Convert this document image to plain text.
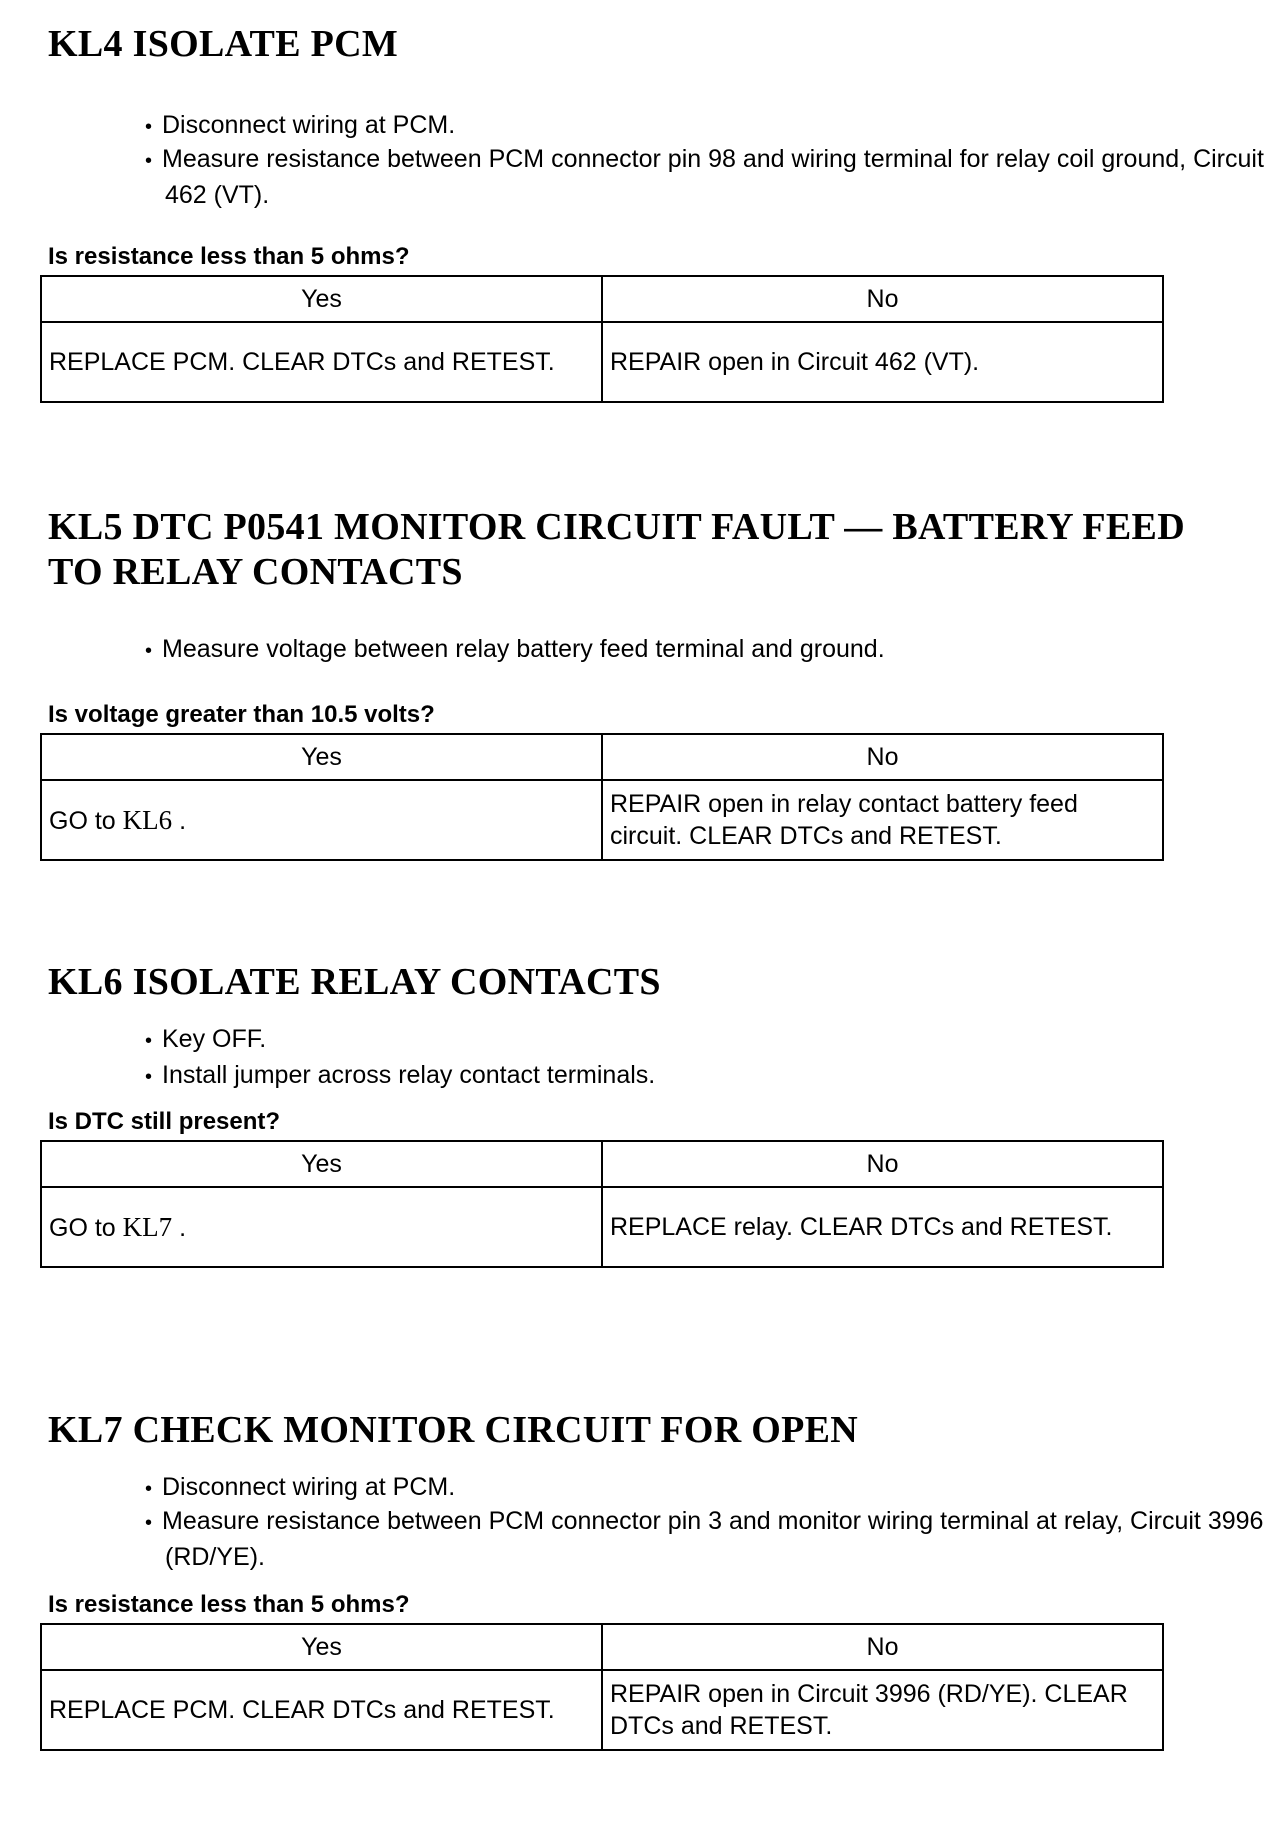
KL4 ISOLATE PCM
• Disconnect wiring at PCM.
• Measure resistance between PCM connector pin 98 and wiring terminal for relay coil ground, Circuit 462 (VT).
Is resistance less than 5 ohms?
Yes	No
REPLACE PCM. CLEAR DTCs and RETEST.	REPAIR open in Circuit 462 (VT).
KL5 DTC P0541 MONITOR CIRCUIT FAULT — BATTERY FEED TO RELAY CONTACTS
• Measure voltage between relay battery feed terminal and ground.
Is voltage greater than 10.5 volts?
Yes	No
GO to KL6 .	REPAIR open in relay contact battery feed circuit. CLEAR DTCs and RETEST.
KL6 ISOLATE RELAY CONTACTS
• Key OFF.
• Install jumper across relay contact terminals.
Is DTC still present?
Yes	No
GO to KL7 .	REPLACE relay. CLEAR DTCs and RETEST.
KL7 CHECK MONITOR CIRCUIT FOR OPEN
• Disconnect wiring at PCM.
• Measure resistance between PCM connector pin 3 and monitor wiring terminal at relay, Circuit 3996 (RD/YE).
Is resistance less than 5 ohms?
Yes	No
REPLACE PCM. CLEAR DTCs and RETEST.	REPAIR open in Circuit 3996 (RD/YE). CLEAR DTCs and RETEST.
